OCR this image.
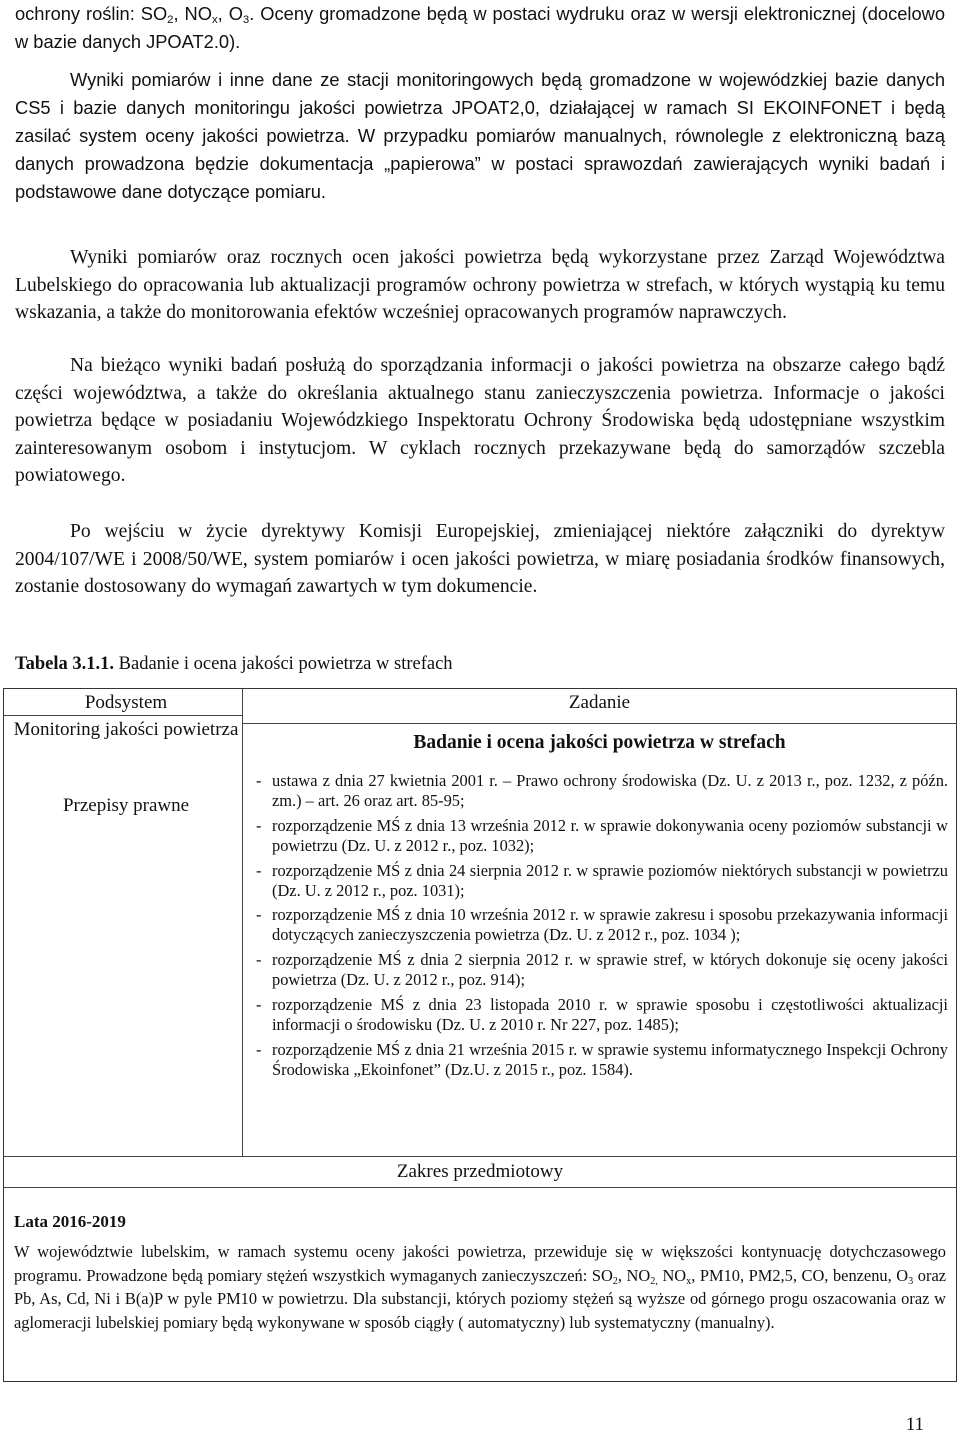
ochrony roślin: $SO_2$, $NO_x$, $O_3$. Oceny gromadzone będą w postaci wydruku oraz w wersji elektronicznej (docelowo w bazie danych JPOAT2.0).

Wyniki pomiarów i inne dane ze stacji monitoringowych będą gromadzone w wojewódzkiej bazie danych CS5 i bazie danych monitoringu jakości powietrza JPOAT2,0, działającej w ramach SI EKOINFONET i będą zasilać system oceny jakości powietrza. W przypadku pomiarów manualnych, równolegle z elektroniczną bazą danych prowadzona będzie dokumentacja „papierowa” w postaci sprawozdań zawierających wyniki badań i podstawowe dane dotyczące pomiaru.

Wyniki pomiarów oraz rocznych ocen jakości powietrza będą wykorzystane przez Zarząd Województwa Lubelskiego do opracowania lub aktualizacji programów ochrony powietrza w strefach, w których wystąpią ku temu wskazania, a także do monitorowania efektów wcześniej opracowanych programów naprawczych.

Na bieżąco wyniki badań posłużą do sporządzania informacji o jakości powietrza na obszarze całego bądź części województwa, a także do określania aktualnego stanu zanieczyszczenia powietrza. Informacje o jakości powietrza będące w posiadaniu Wojewódzkiego Inspektoratu Ochrony Środowiska będą udostępniane wszystkim zainteresowanym osobom i instytucjom. W cyklach rocznych przekazywane będą do samorządów szczebla powiatowego.

Po wejściu w życie dyrektywy Komisji Europejskiej, zmieniającej niektóre załączniki do dyrektyw 2004/107/WE i 2008/50/WE, system pomiarów i ocen jakości powietrza, w miarę posiadania środków finansowych, zostanie dostosowany do wymagań zawartych w tym dokumencie.

Tabela 3.1.1. Badanie i ocena jakości powietrza w strefach
Podsystem
Monitoring jakości powietrza
Przepisy prawne
Zadanie
Badanie i ocena jakości powietrza w strefach
- ustawa z dnia 27 kwietnia 2001 r. – Prawo ochrony środowiska (Dz. U. z 2013 r., poz. 1232, z późn. zm.) – art. 26 oraz art. 85-95;
- rozporządzenie MŚ z dnia 13 września 2012 r. w sprawie dokonywania oceny poziomów substancji w powietrzu (Dz. U. z 2012 r., poz. 1032);
- rozporządzenie MŚ z dnia 24 sierpnia 2012 r. w sprawie poziomów niektórych substancji w powietrzu (Dz. U. z 2012 r., poz. 1031);
- rozporządzenie MŚ z dnia 10 września 2012 r. w sprawie zakresu i sposobu przekazywania informacji dotyczących zanieczyszczenia powietrza (Dz. U. z 2012 r., poz. 1034 );
- rozporządzenie MŚ z dnia 2 sierpnia 2012 r. w sprawie stref, w których dokonuje się oceny jakości powietrza (Dz. U. z 2012 r., poz. 914);
- rozporządzenie MŚ z dnia 23 listopada 2010 r. w sprawie sposobu i częstotliwości aktualizacji informacji o środowisku (Dz. U. z 2010 r. Nr 227, poz. 1485);
- rozporządzenie MŚ z dnia 21 września 2015 r. w sprawie systemu informatycznego Inspekcji Ochrony Środowiska „Ekoinfonet” (Dz.U. z 2015 r., poz. 1584).
Zakres przedmiotowy
Lata 2016-2019
W województwie lubelskim, w ramach systemu oceny jakości powietrza, przewiduje się w większości kontynuację dotychczasowego programu. Prowadzone będą pomiary stężeń wszystkich wymaganych zanieczyszczeń: $SO_2$, $NO_{2,}$ $NO_x$, PM10, PM2,5, CO, benzenu, $O_3$ oraz Pb, As, Cd, Ni i B(a)P w pyle PM10 w powietrzu. Dla substancji, których poziomy stężeń są wyższe od górnego progu oszacowania oraz w aglomeracji lubelskiej pomiary będą wykonywane w sposób ciągły ( automatyczny) lub systematyczny (manualny).
11
